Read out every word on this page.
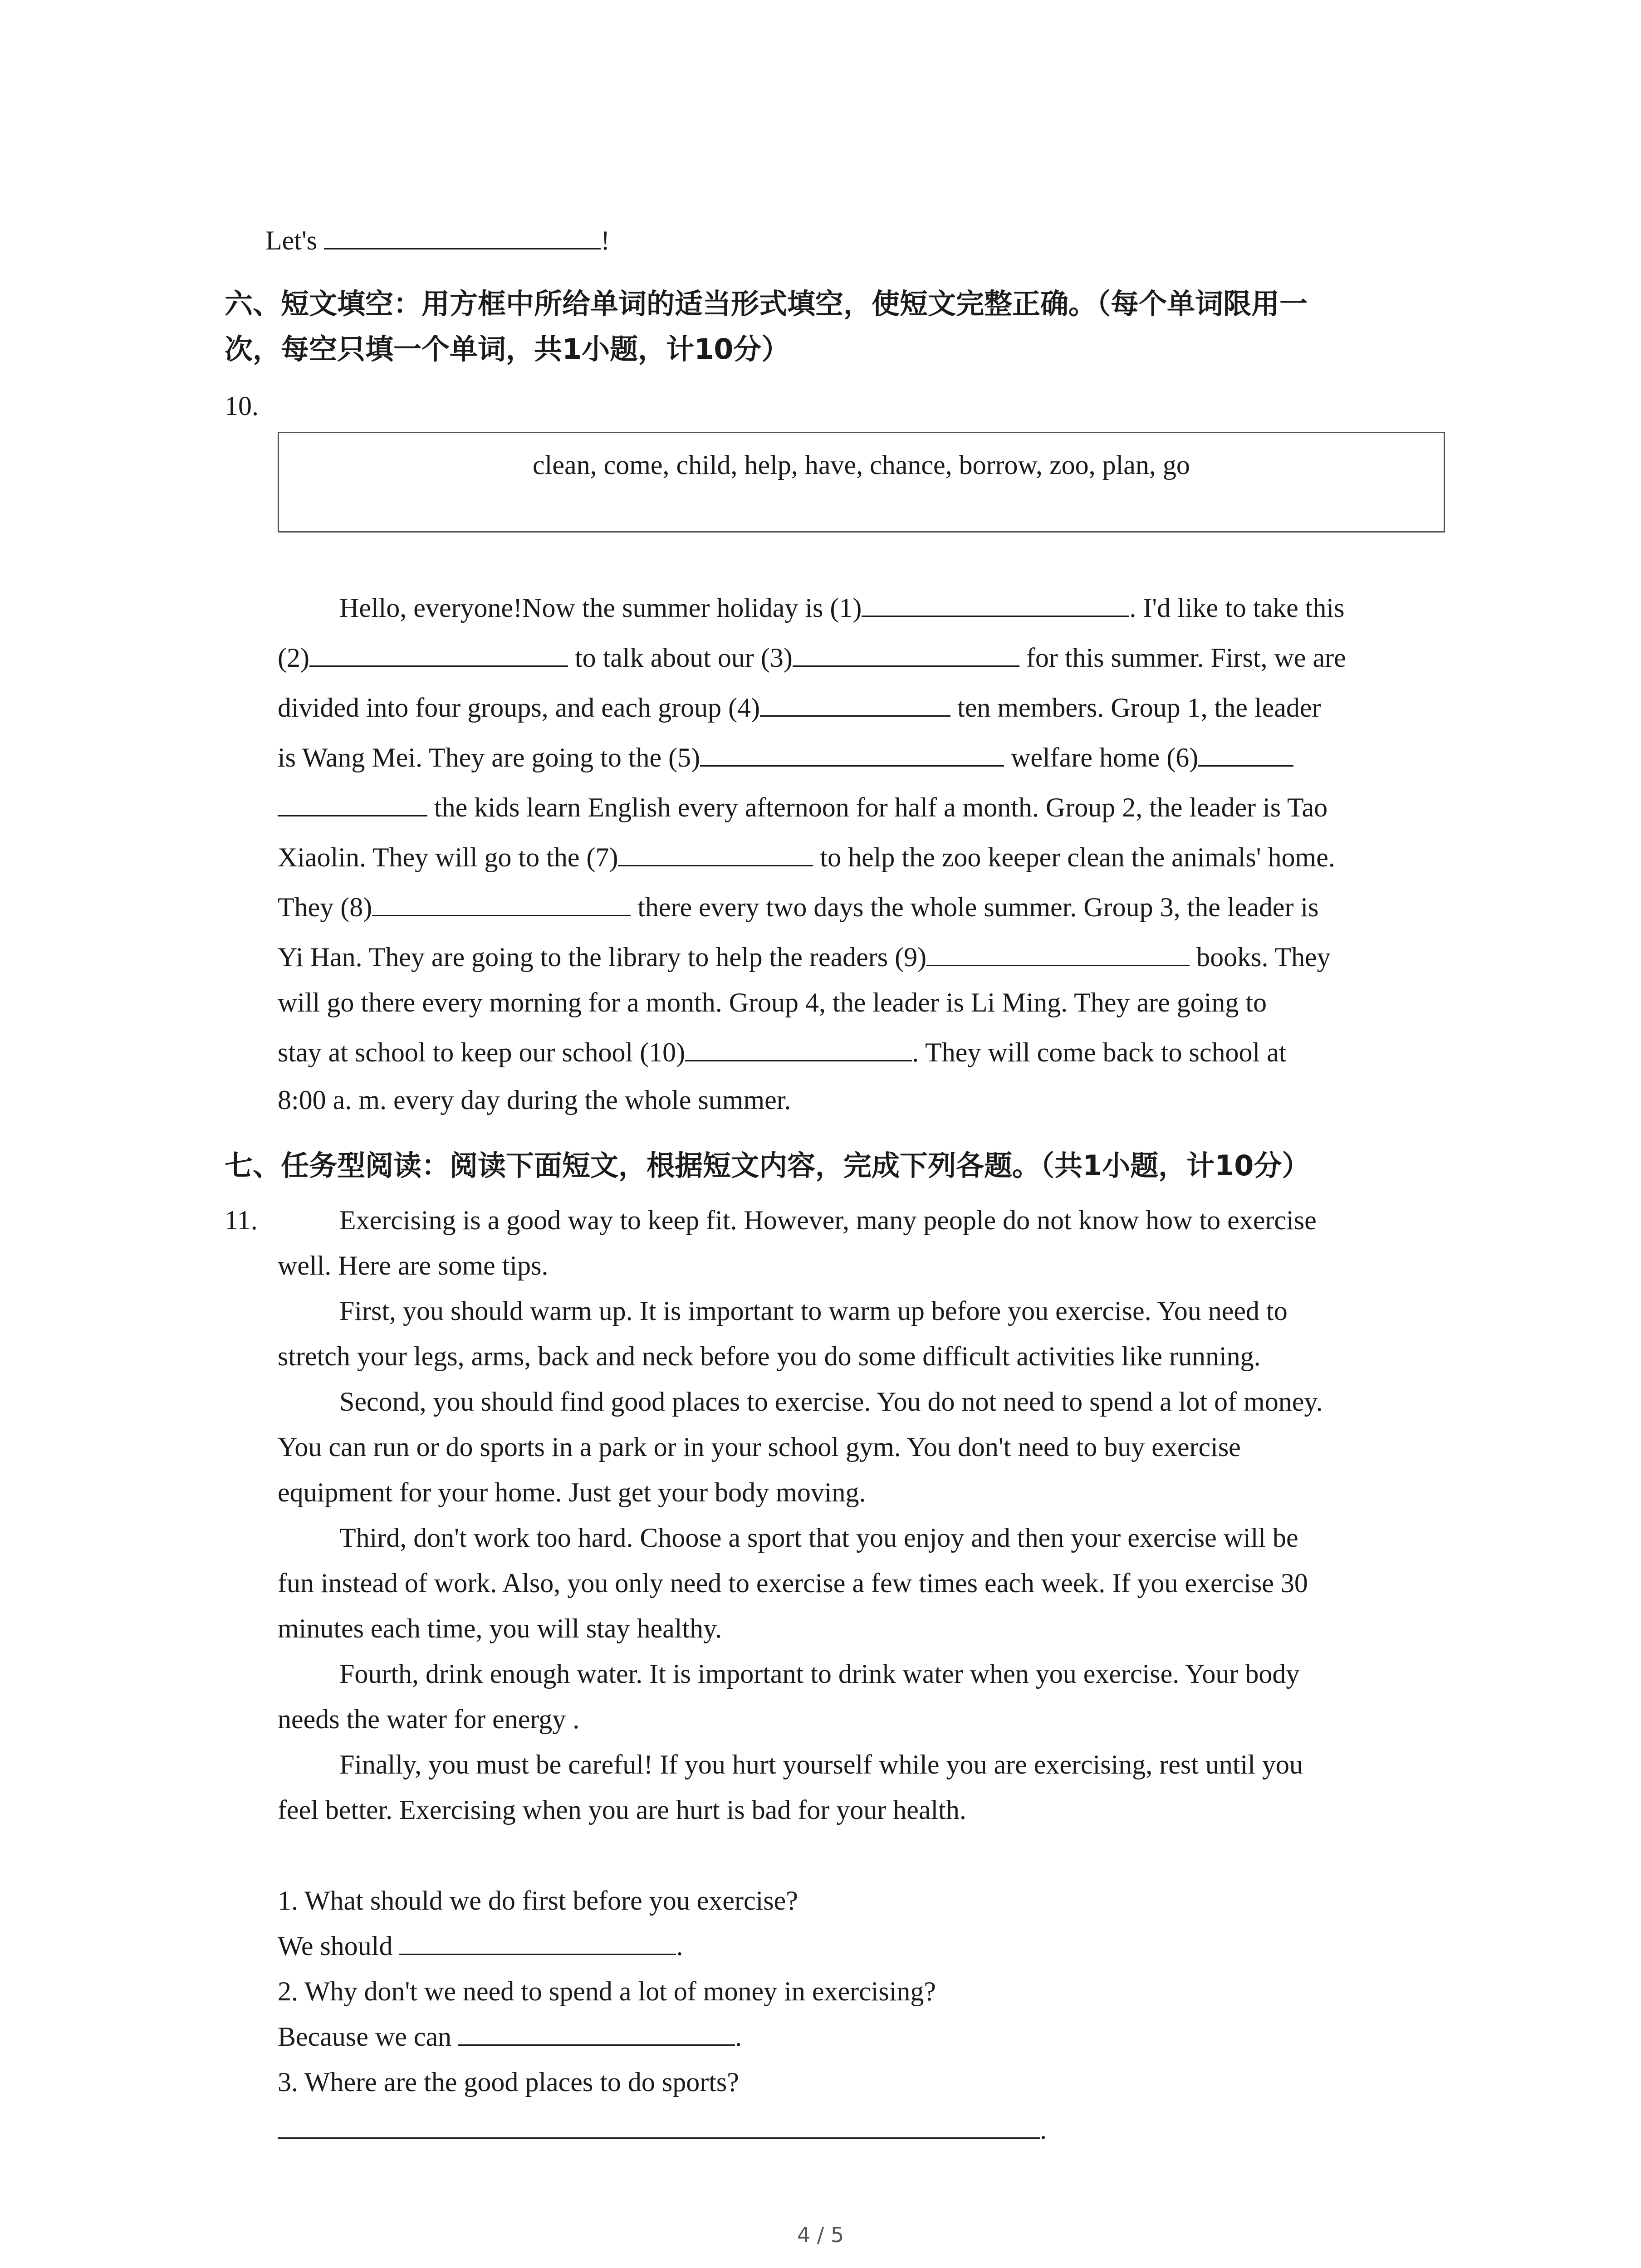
Let's	!
六、短文填空：用方框中所给单词的适当形式填空，使短文完整正确。（每个单词限用一
次，每空只填一个单词，共1小题，计10分）
10.
clean, come, child, help, have, chance, borrow, zoo, plan, go
Hello, everyone!Now the summer holiday is (1)	. I'd like to take this
(2)	to talk about our (3)	for this summer. First, we are
divided into four groups, and each group (4)	ten members. Group 1, the leader
is Wang Mei. They are going to the (5)	welfare home (6)
the kids learn English every afternoon for half a month. Group 2, the leader is Tao
Xiaolin. They will go to the (7)	to help the zoo keeper clean the animals' home.
They (8)	there every two days the whole summer. Group 3, the leader is
Yi Han. They are going to the library to help the readers (9)	books. They
will go there every morning for a month. Group 4, the leader is Li Ming. They are going to
stay at school to keep our school (10)	. They will come back to school at
8:00 a. m. every day during the whole summer.
七、任务型阅读：阅读下面短文，根据短文内容，完成下列各题。（共1小题，计10分）
11.	Exercising is a good way to keep fit. However, many people do not know how to exercise
well. Here are some tips.
First, you should warm up. It is important to warm up before you exercise. You need to
stretch your legs, arms, back and neck before you do some difficult activities like running.
Second, you should find good places to exercise. You do not need to spend a lot of money.
You can run or do sports in a park or in your school gym. You don't need to buy exercise
equipment for your home. Just get your body moving.
Third, don't work too hard. Choose a sport that you enjoy and then your exercise will be
fun instead of work. Also, you only need to exercise a few times each week. If you exercise 30
minutes each time, you will stay healthy.
Fourth, drink enough water. It is important to drink water when you exercise. Your body
needs the water for energy .
Finally, you must be careful! If you hurt yourself while you are exercising, rest until you
feel better. Exercising when you are hurt is bad for your health.
1. What should we do first before you exercise?
We should	.
2. Why don't we need to spend a lot of money in exercising?
Because we can	.
3. Where are the good places to do sports?
.
4 / 5
